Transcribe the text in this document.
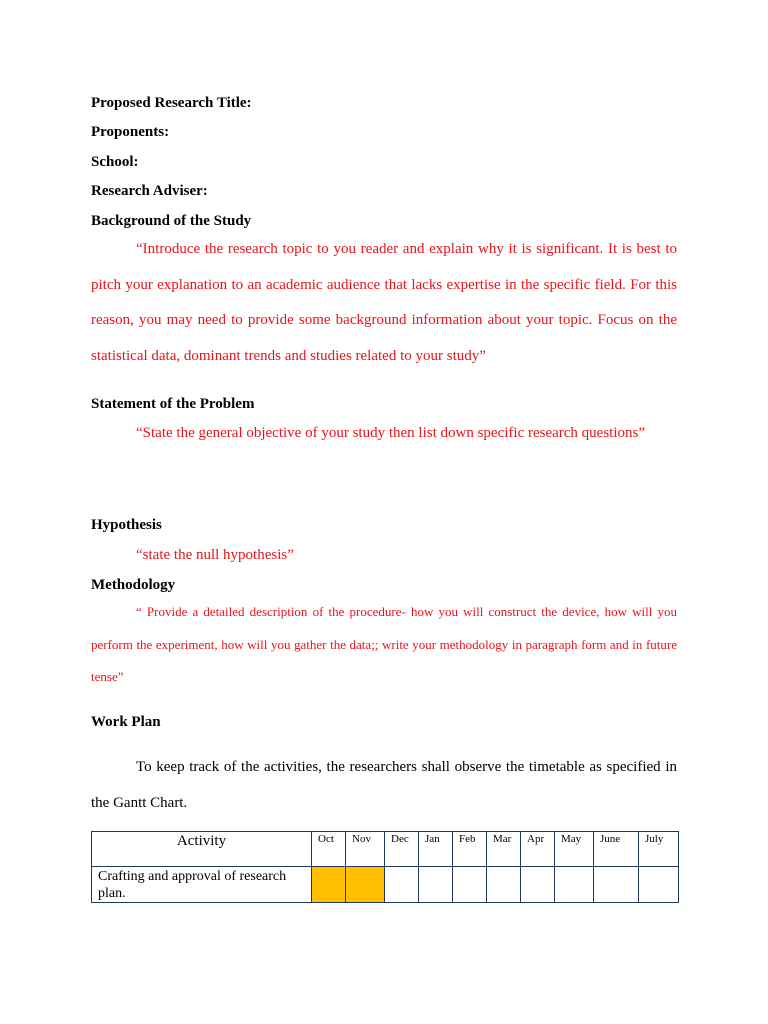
Proposed Research Title:
Proponents:
School:
Research Adviser:
Background of the Study
“Introduce the research topic to you reader and explain why it is significant. It is best to pitch your explanation to an academic audience that lacks expertise in the specific field. For this reason, you may need to provide some background information about your topic. Focus on the statistical data, dominant trends and studies related to your study”
Statement of the Problem
“State the general objective of your study then list down specific research questions”
Hypothesis
“state the null hypothesis”
Methodology
“ Provide a detailed description of the procedure- how you will construct the device, how will you perform the experiment, how will you gather the data;; write your methodology in paragraph form and in future tense”
Work Plan
To keep track of the activities, the researchers shall observe the timetable as specified in the Gantt Chart.
Activity	Oct	Nov	Dec	Jan	Feb	Mar	Apr	May	June	July
Crafting and approval of research plan.										
